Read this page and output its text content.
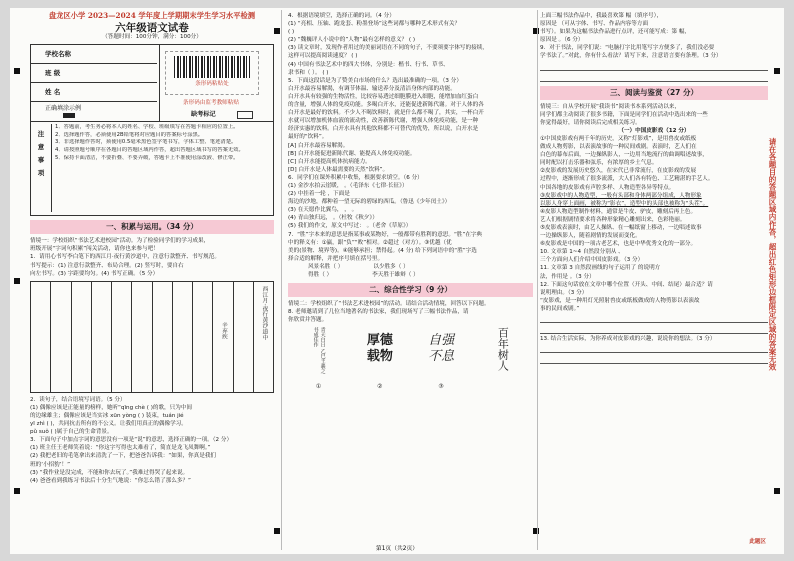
盘龙区小学 2023—2024 学年度上学期期末学生学习水平检测
六年级语文试卷
（答题时间：100分钟，满分：100分）
学校名称
班 级
姓 名
条形码粘贴处
条形码由监考教师粘贴
正确填涂示例
缺考标记
注 意 事 项
1．答题前，考生务必将本人的姓名、学校、班级填写在答题卡相应的位置上。
2．选择题作答，必须使用2B铅笔将对应题目的答案标号涂黑。
3．非选择题作答时，须使用0.5毫米黑色签字笔书写，字体工整、笔迹清楚。
4．请按照题号顺序在各题目的答题区域内作答，超出答题区域书写的答案无效。
5．保持卡面清洁，不要折叠、不要弄破，答题卡上不准使用涂改液、修正带。
一、积累与运用。（34 分）
情境一：学校组织“书法艺术进校园”活动。为了检验同学们的学习成果，
班级开展“字词句积累”闯关活动，请你也来参与吧！
1．请用心书写李白笔下的西江月·夜行黄沙道中，注意行款整齐、书写规范。
书写提示：(1) 注意行款整齐、布局合理。(2) 竖写时，要自右
向左书写。(3) 字距要均匀。(4) 书写正确。（5 分）
辛弃疾	西江月·夜行黄沙道中
2．读句子，结合语境写词语。（5 分）
(1) 偶像应该是正能量的榜样，她听“qīng chè ( )的歌，只为中间
的边缘雄主；偶像应该是当实冰 xūn yòng ( ) 装束，tuán jié
yī zhì ( )，共同抗击所有的不公义。让我们用真正的偶像学习。
pǔ suǒ ( )属于自己的生命背景。
3．下面句子中加点字词的意思没有一项是“说”的意思，选择正确的一项。（2 分）
(1) 班主任王老师笑着说：“你这字写得也太难看了，简直是龙飞凤舞啊。”
(2) 我把老旧的毛笔拿出来清洗了一下，把爸爸告诉我：“如果，你真是我们
班的‘小招豹’！”
(3) “我作业是没完成，不能和你去玩了。”我难过得哭了起来说。
(4) 爸爸看到我练习书法后十分生气地说：“你怎么错了那么多？”
4．根据语境填空，选择正确的词。（4 分）
(1) “亮相、压轴、跑龙套、粉墨登场”这些词都与哪种艺术形式有关？
( )
(2) “魏巍评人小说中的”人物”最有怎样的意义？ ( )
(3) 读文章时，发现作者用过的美丽词语在不同的句子，不要须要字体写的接续，
这样可以提高阅读速度？ ( )
(4) 中国有书法艺术中的四大书体，分别是：楷书、行书、草书、
隶书和（ ）。 ( )
5．下面这段话是为了赞美白市场的什么？选出最准确的一项。（3 分）
白开水最容易解渴，有调节体温、输送养分及清洁身体内部的功能。
白开水具有较强的生物活性，比较容易透过细胞膜进入细胞，能增加血红蛋白
的含量，增强人体的免疫功能。多喝白开水，还能促进新陈代谢。对于人体的各
白开水是最好的饮料。不少人不喝饮料时，就是什么都不喝了，其实，一杯白开
水就可以增加机体血液的流动性，改善新陈代谢，增强人体免疫功能，是一种
经济实惠的饮料。白开水具有其他饮料都不可替代的优势，所以说，白开水是
最好的“饮料”。
[A] 白开水最容易解渴。
[B] 白开水能促进新陈代谢、能提高人体免疫功能。
[C] 白开水能提高机体抗病能力。
[D] 白开水是人体最需要的天然“饮料”。
6．同学们在课外积累中收集，根据要求填空。（6 分）
(1) 金沙水拍云崖暖， 。（毛泽东《七律·长征》）
(2) 中挂着一轮 ，下面是
海边的沙地，都种着一望无际的碧绿的西瓜。（鲁迅《少年闰土》）
(3) 在天愿作比翼鸟， ， 。
(4) 青山独归远， 。（杜牧《秋夕》）
(5) 我们的作文，原文中写过： 。（老舍《草原》）
7．“胜”字本来的意思是指某事或某物好，一般都带有胜利的意思。“胜”在字典
中的释义有：①赢，跟“负”“败”相对。②超过（对方）。③优越（优
美的(景物、境界等)。④能够承担；禁得起。(4 分) 给下列词语中的“胜”字选
择合适的解释，并把序号填在括号里。
风景名胜（ ）	以少胜多（ ）
得胜（ ）	李天胜于雄辩（ ）
二、综合性学习（9 分）
情境二：学校组织了“书法艺术进校园”的活动。请结合活动情境，回答以下问题。
8. 老师邀请到了几位当地著名的书法家，我们现场写了三幅书法作品，请
你欣赏并答题。
青天白日 乙巳王羲之 书成佳作
①
厚德载物
②
自强不息
③
百年树人
上面三幅书法作品中，我最喜欢第 幅（填序号），
原因是 （可从字体、书写、作品内容等方面
书写）。如果为这幅书法作品进行点评，还可能写成：第 幅，
原因是 。（6 分）
9．对于书法，同学们说：“电脑打字比用笔写字方便多了，我们没必要
学书法了。”对此，你有什么看法？请写下来，注意语言要有条理。（3 分）
三、阅读与鉴赏（27 分）
情境三：自从学校开展“我读书”阅读书本系列活动以来，
同学们都主动阅读了很多书籍，下面是同学们在活动中选出来的一些
你觉得最好，请你阅读后完成相关练习。
（一）中国皮影戏（12 分）
①中国皮影戏有两千年的历史，又称“灯影戏”，是用兽皮或纸板
做成人物剪影，以表演故事的一种民间戏剧。表演时，艺人们在
白色的幕布后面，一边操纵影人，一边用当地流行的曲调唱述故事，
同时配以打击乐器和弦乐，有浓厚的乡土气息。
②皮影戏的发展历史悠久，在宋代已非常流行，在皮影戏的发展
过程中，逐渐形成了很多流派，大人们各有特色、工艺精湛的手艺人。
中国各地的皮影戏有声腔多样、人物造型各异等特点。
③皮影戏中的人物造型，一般有头部和身体两部分组成，人物形象
以影人身穿上面画，被称为“影衣”，造型中的头部也被称为“头茬”。
④皮影人物造型制作材料，通常是牛皮、驴皮，雕刻后再上色。
艺人们根据剧情要求将各种形象精心雕刻出来，色彩艳丽。
⑤皮影戏表演时，由艺人操纵、在一幅纸窗上移动，一边唱述故事
一边操纵影人，随着剧情的发展而变化。
⑥皮影戏是中国的一项古老艺术，也是中华优秀文化的一部分。
10. 文章第 1~4 自然段分别从 、
三个方面向人们介绍中国皮影戏。（3 分）
11. 文章第 3 自然段画线的句子运用了 的说明方
法，作用是 。（3 分）
12. 下面这句话放在文章中哪个位置（开头、中间、结尾）最合适？请
说明理由。（3 分）
“皮影戏，是一种用灯光照射兽皮或纸板做成的人物剪影以表演故
事的民间戏剧。”
13. 结合生活实际，为你养成对皮影戏的兴趣，说说你的想法。（3 分）
此题区
请在各题目的答题区域内作答，超出红色矩形边框限定区域的答案无效
第1页（共2页）
